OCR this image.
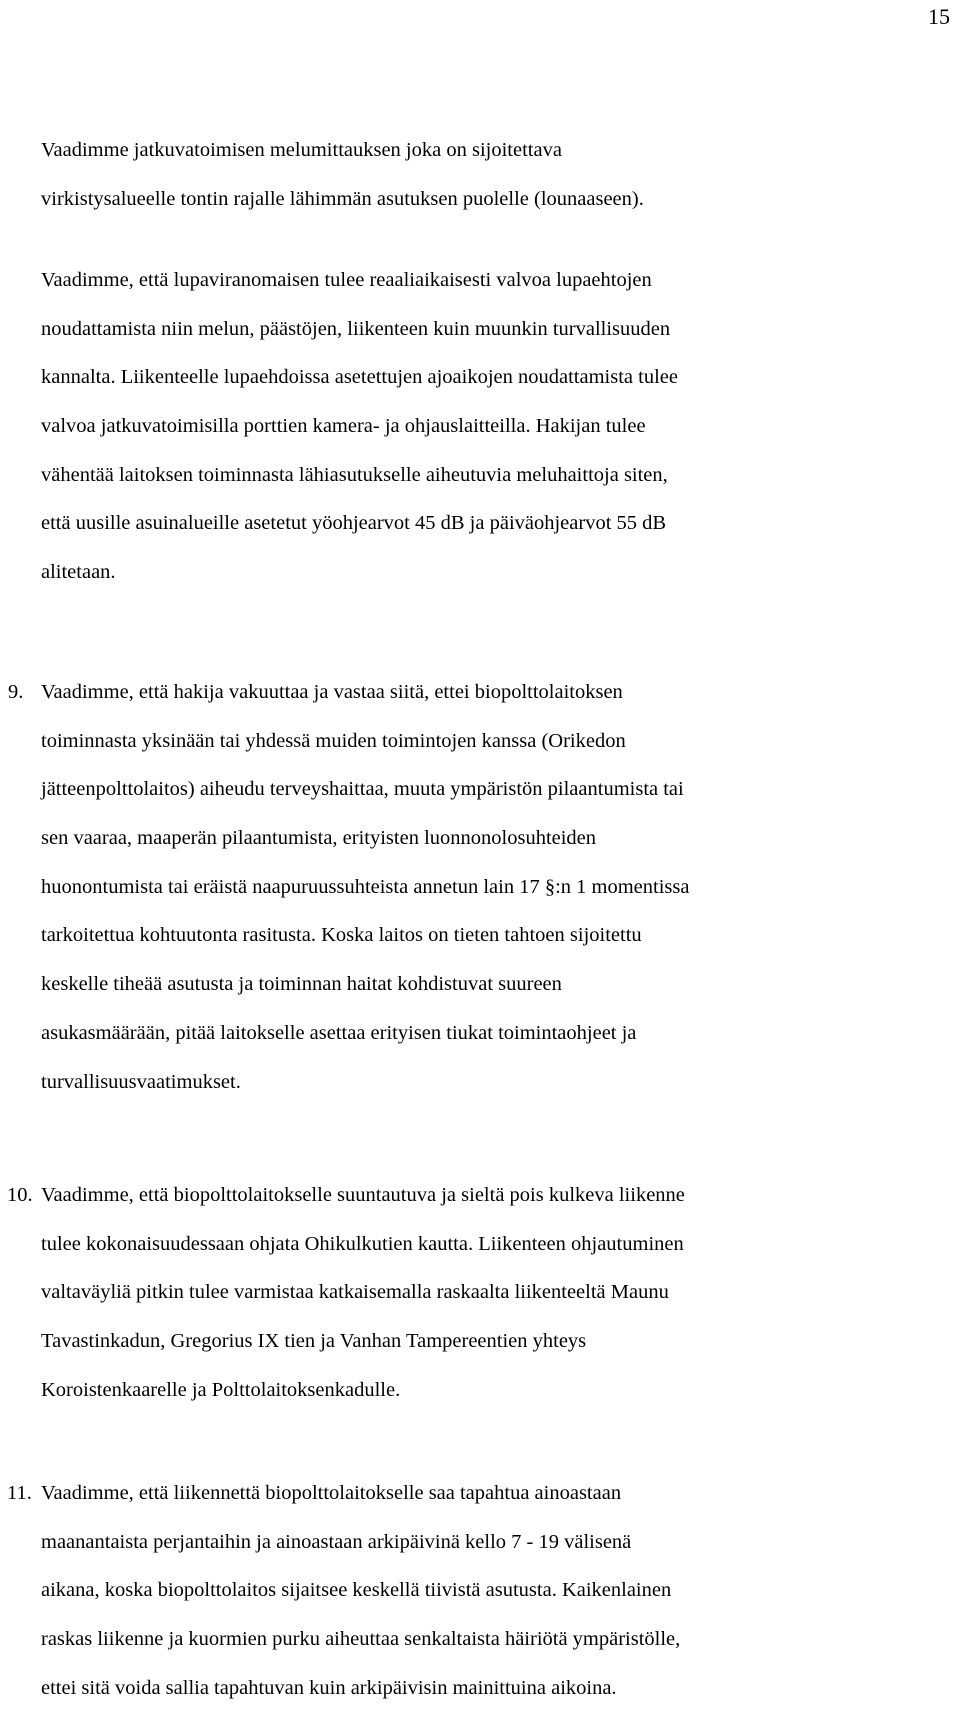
15
Vaadimme jatkuvatoimisen melumittauksen joka on sijoitettava
virkistysalueelle tontin rajalle lähimmän asutuksen puolelle (lounaaseen).
Vaadimme, että lupaviranomaisen tulee reaaliaikaisesti valvoa lupaehtojen
noudattamista niin melun, päästöjen, liikenteen kuin muunkin turvallisuuden
kannalta. Liikenteelle lupaehdoissa asetettujen ajoaikojen noudattamista tulee
valvoa jatkuvatoimisilla porttien kamera- ja ohjauslaitteilla. Hakijan tulee
vähentää laitoksen toiminnasta lähiasutukselle aiheutuvia meluhaittoja siten,
että uusille asuinalueille asetetut yöohjearvot 45 dB ja päiväohjearvot 55 dB
alitetaan.
9. Vaadimme, että hakija vakuuttaa ja vastaa siitä, ettei biopolttolaitoksen
toiminnasta yksinään tai yhdessä muiden toimintojen kanssa (Orikedon
jätteenpolttolaitos) aiheudu terveyshaittaa, muuta ympäristön pilaantumista tai
sen vaaraa, maaperän pilaantumista, erityisten luonnonolosuhteiden
huonontumista tai eräistä naapuruussuhteista annetun lain 17 §:n 1 momentissa
tarkoitettua kohtuutonta rasitusta. Koska laitos on tieten tahtoen sijoitettu
keskelle tiheää asutusta ja toiminnan haitat kohdistuvat suureen
asukasmäärään, pitää laitokselle asettaa erityisen tiukat toimintaohjeet ja
turvallisuusvaatimukset.
10. Vaadimme, että biopolttolaitokselle suuntautuva ja sieltä pois kulkeva liikenne
tulee kokonaisuudessaan ohjata Ohikulkutien kautta. Liikenteen ohjautuminen
valtaväyliä pitkin tulee varmistaa katkaisemalla raskaalta liikenteeltä Maunu
Tavastinkadun, Gregorius IX tien ja Vanhan Tampereentien yhteys
Koroistenkaarelle ja Polttolaitoksenkadulle.
11. Vaadimme, että liikennettä biopolttolaitokselle saa tapahtua ainoastaan
maanantaista perjantaihin ja ainoastaan arkipäivinä kello 7 - 19 välisenä
aikana, koska biopolttolaitos sijaitsee keskellä tiivistä asutusta. Kaikenlainen
raskas liikenne ja kuormien purku aiheuttaa senkaltaista häiriötä ympäristölle,
ettei sitä voida sallia tapahtuvan kuin arkipäivisin mainittuina aikoina.
